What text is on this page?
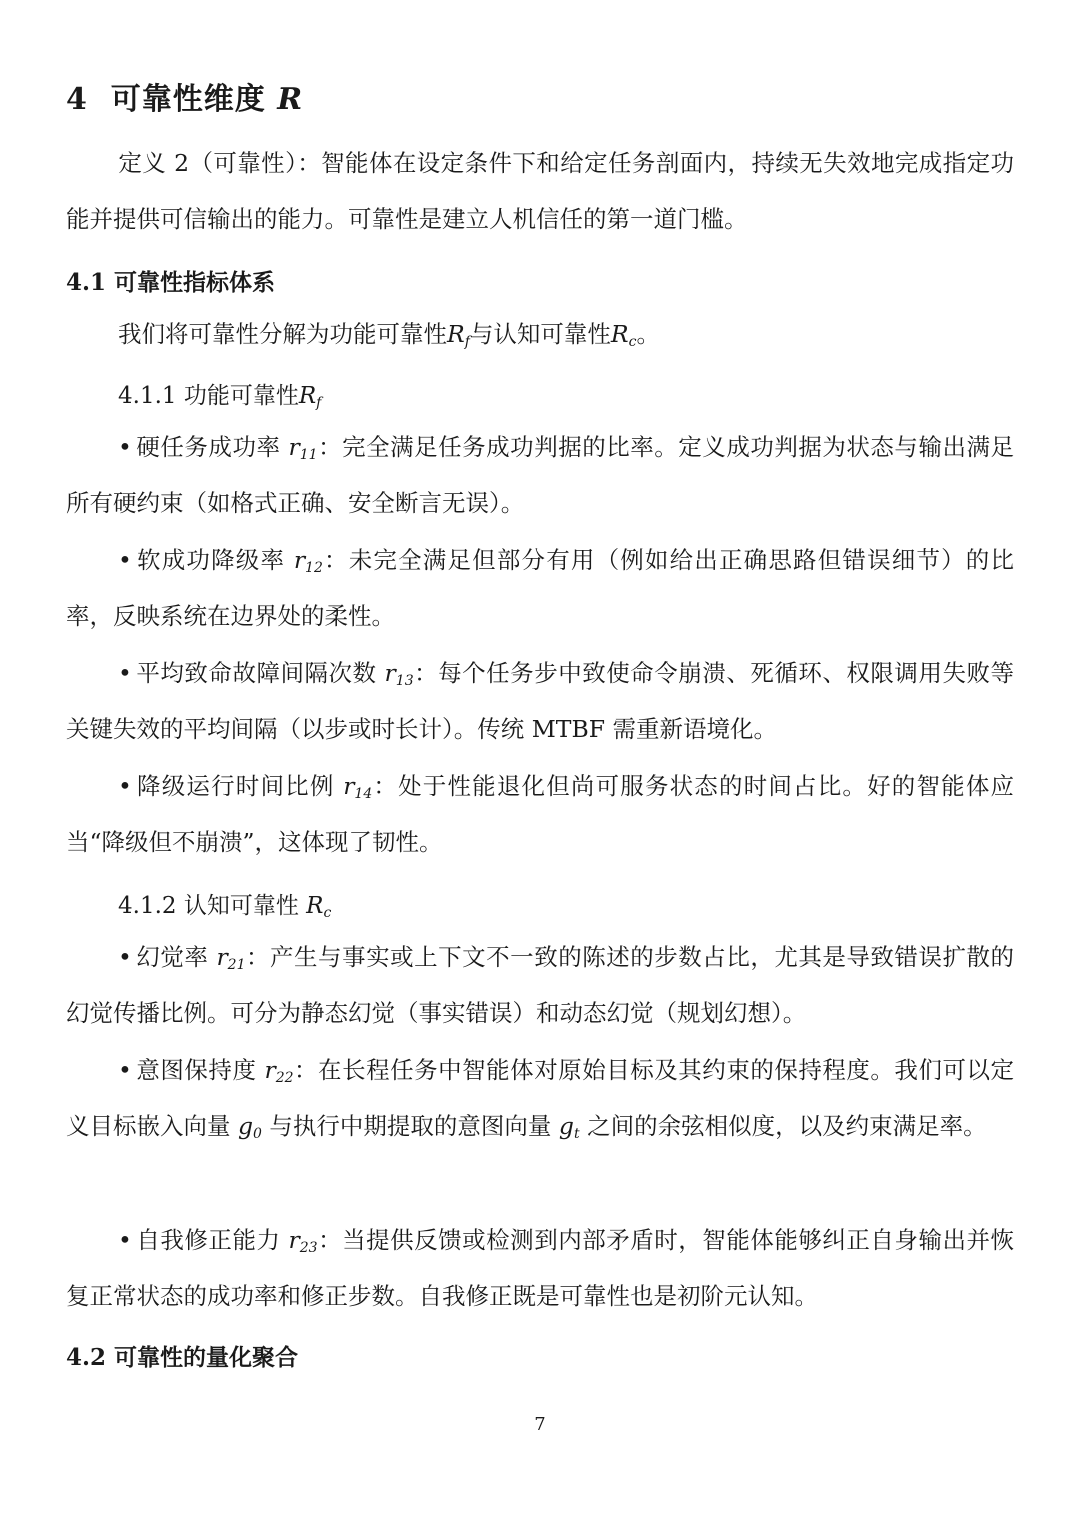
4 可靠性维度 R
定义 2（可靠性）：智能体在设定条件下和给定任务剖面内，持续无失效地完成指定功能并提供可信输出的能力。可靠性是建立人机信任的第一道门槛。
4.1 可靠性指标体系
我们将可靠性分解为功能可靠性$R_f$与认知可靠性$R_c$。
4.1.1 功能可靠性$R_f$
• 硬任务成功率 $r_{11}$：完全满足任务成功判据的比率。定义成功判据为状态与输出满足所有硬约束（如格式正确、安全断言无误）。
• 软成功降级率 $r_{12}$：未完全满足但部分有用（例如给出正确思路但错误细节）的比率，反映系统在边界处的柔性。
• 平均致命故障间隔次数 $r_{13}$：每个任务步中致使命令崩溃、死循环、权限调用失败等关键失效的平均间隔（以步或时长计）。传统 MTBF 需重新语境化。
• 降级运行时间比例 $r_{14}$：处于性能退化但尚可服务状态的时间占比。好的智能体应当“降级但不崩溃”，这体现了韧性。
4.1.2 认知可靠性 $R_c$
• 幻觉率 $r_{21}$：产生与事实或上下文不一致的陈述的步数占比，尤其是导致错误扩散的幻觉传播比例。可分为静态幻觉（事实错误）和动态幻觉（规划幻想）。
• 意图保持度 $r_{22}$：在长程任务中智能体对原始目标及其约束的保持程度。我们可以定义目标嵌入向量 $g_0$ 与执行中期提取的意图向量 $g_t$ 之间的余弦相似度，以及约束满足率。
• 自我修正能力 $r_{23}$：当提供反馈或检测到内部矛盾时，智能体能够纠正自身输出并恢复正常状态的成功率和修正步数。自我修正既是可靠性也是初阶元认知。
4.2 可靠性的量化聚合
7
